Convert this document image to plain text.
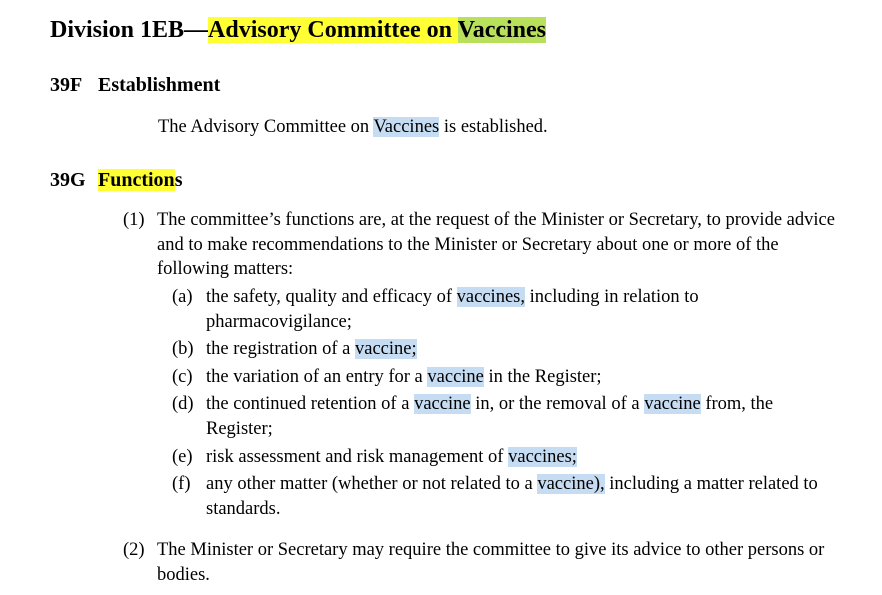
Division 1EB—Advisory Committee on Vaccines
39F Establishment
The Advisory Committee on Vaccines is established.
39G Functions
(1) The committee’s functions are, at the request of the Minister or Secretary, to provide advice and to make recommendations to the Minister or Secretary about one or more of the following matters:
(a) the safety, quality and efficacy of vaccines, including in relation to pharmacovigilance;
(b) the registration of a vaccine;
(c) the variation of an entry for a vaccine in the Register;
(d) the continued retention of a vaccine in, or the removal of a vaccine from, the Register;
(e) risk assessment and risk management of vaccines;
(f) any other matter (whether or not related to a vaccine), including a matter related to standards.
(2) The Minister or Secretary may require the committee to give its advice to other persons or bodies.
